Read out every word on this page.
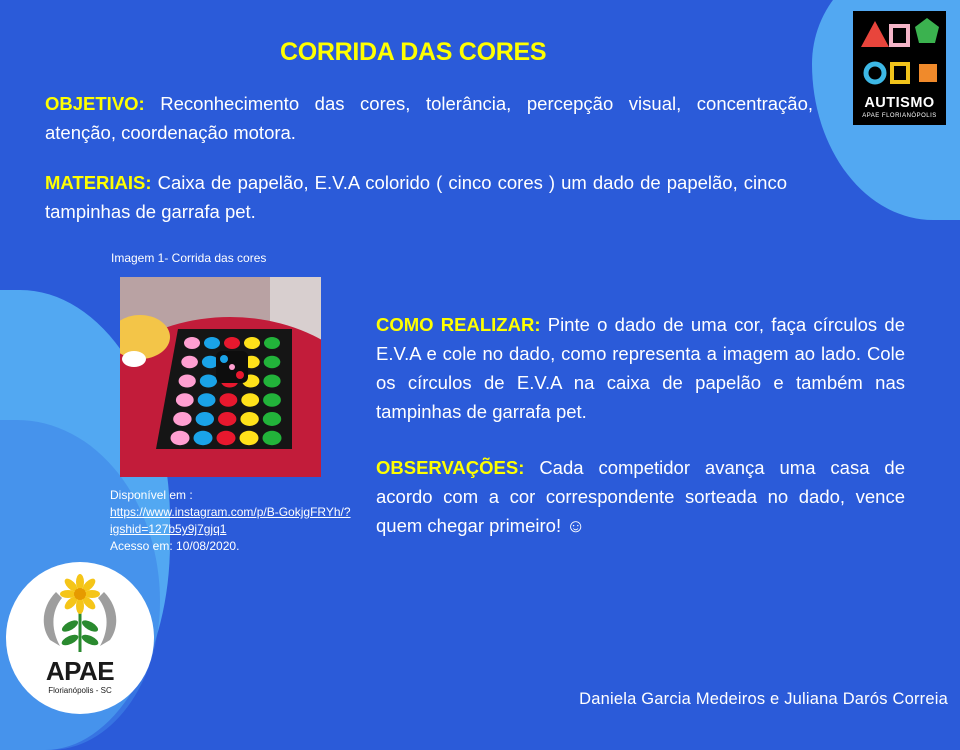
AUTISMO
APAE FLORIANÓPOLIS
APAE
Florianópolis - SC
CORRIDA DAS CORES
OBJETIVO: Reconhecimento das cores, tolerância, percepção visual, concentração, atenção, coordenação motora.
MATERIAIS: Caixa de papelão, E.V.A colorido ( cinco cores ) um dado de papelão, cinco tampinhas de garrafa pet.
Imagem 1- Corrida das cores
Disponível em :
https://www.instagram.com/p/B-GokjgFRYh/?igshid=127b5y9j7gjq1
Acesso em: 10/08/2020.
COMO REALIZAR: Pinte o dado de uma cor, faça círculos de E.V.A e cole no dado, como representa a imagem ao lado. Cole os círculos de E.V.A na caixa de papelão e também nas tampinhas de garrafa pet.
OBSERVAÇÕES: Cada competidor avança uma casa de acordo com a cor correspondente sorteada no dado, vence quem chegar primeiro! ☺
Daniela Garcia Medeiros e Juliana Darós Correia
